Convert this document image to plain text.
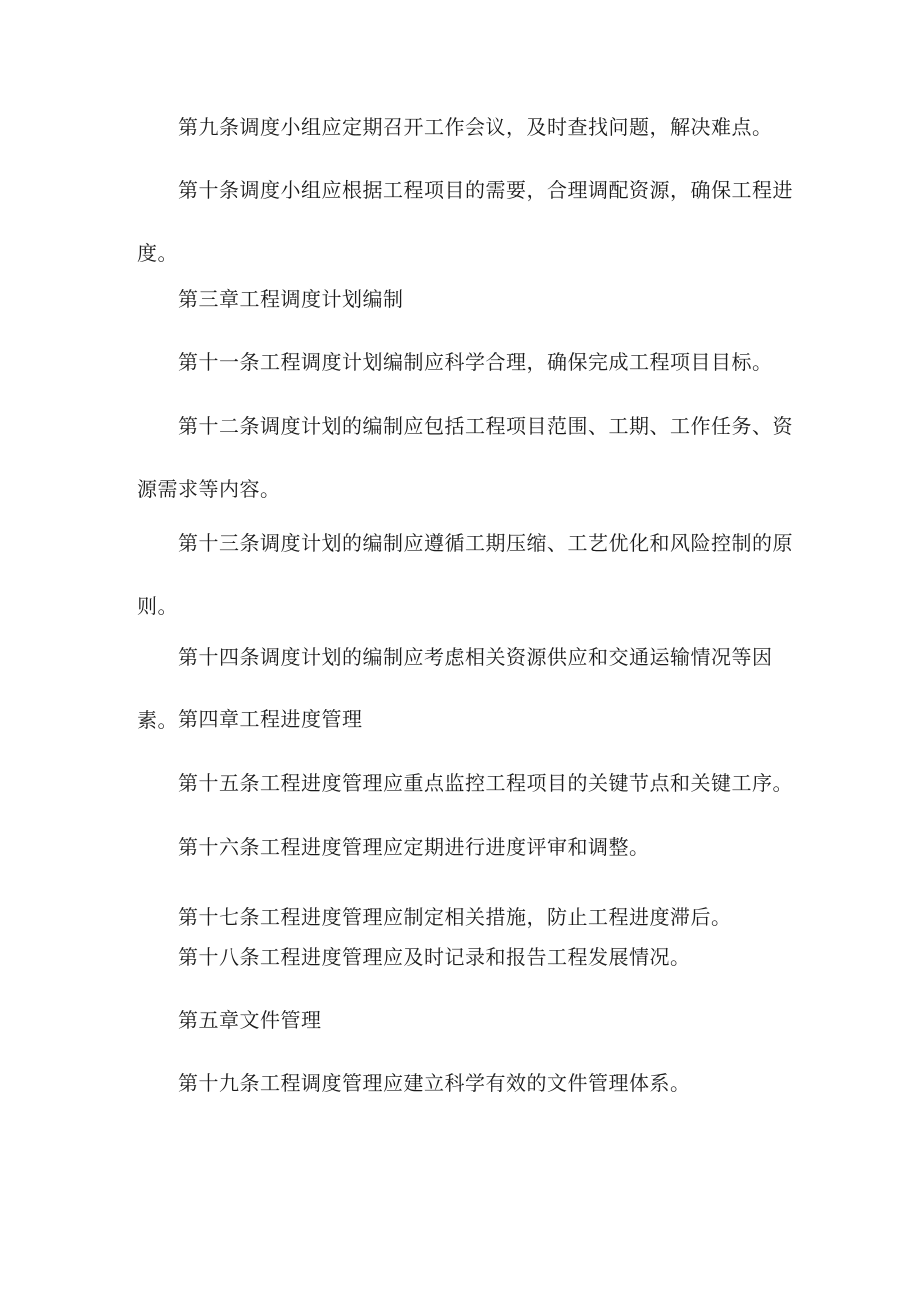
第九条调度小组应定期召开工作会议，及时查找问题，解决难点。

第十条调度小组应根据工程项目的需要，合理调配资源，确保工程进度。

第三章工程调度计划编制

第十一条工程调度计划编制应科学合理，确保完成工程项目目标。

第十二条调度计划的编制应包括工程项目范围、工期、工作任务、资源需求等内容。

第十三条调度计划的编制应遵循工期压缩、工艺优化和风险控制的原则。

第十四条调度计划的编制应考虑相关资源供应和交通运输情况等因素。 第四章工程进度管理

第十五条工程进度管理应重点监控工程项目的关键节点和关键工序。

第十六条工程进度管理应定期进行进度评审和调整。

第十七条工程进度管理应制定相关措施，防止工程进度滞后。

第十八条工程进度管理应及时记录和报告工程发展情况。

第五章文件管理

第十九条工程调度管理应建立科学有效的文件管理体系。
